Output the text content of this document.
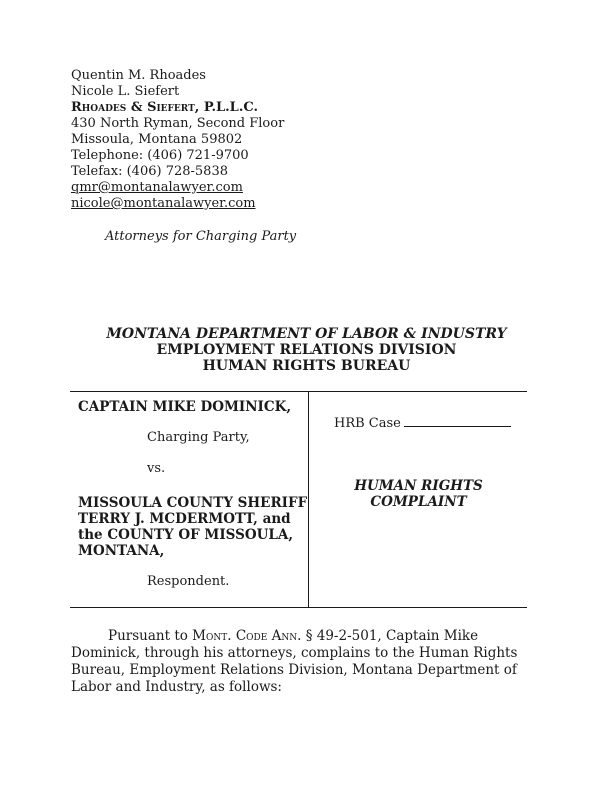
Quentin M. Rhoades
Nicole L. Siefert
Rhoades & Siefert, P.L.L.C.
430 North Ryman, Second Floor
Missoula, Montana 59802
Telephone: (406) 721-9700
Telefax: (406) 728-5838
qmr@montanalawyer.com
nicole@montanalawyer.com
Attorneys for Charging Party
MONTANA DEPARTMENT OF LABOR & INDUSTRY
EMPLOYMENT RELATIONS DIVISION
HUMAN RIGHTS BUREAU
CAPTAIN MIKE DOMINICK,
Charging Party,
vs.
MISSOULA COUNTY SHERIFF
TERRY J. MCDERMOTT, and
the COUNTY OF MISSOULA,
MONTANA,
Respondent.
HRB Case
HUMAN RIGHTS
COMPLAINT
Pursuant to Mont. Code Ann. § 49-2-501, Captain Mike Dominick, through his attorneys, complains to the Human Rights Bureau, Employment Relations Division, Montana Department of Labor and Industry, as follows:
